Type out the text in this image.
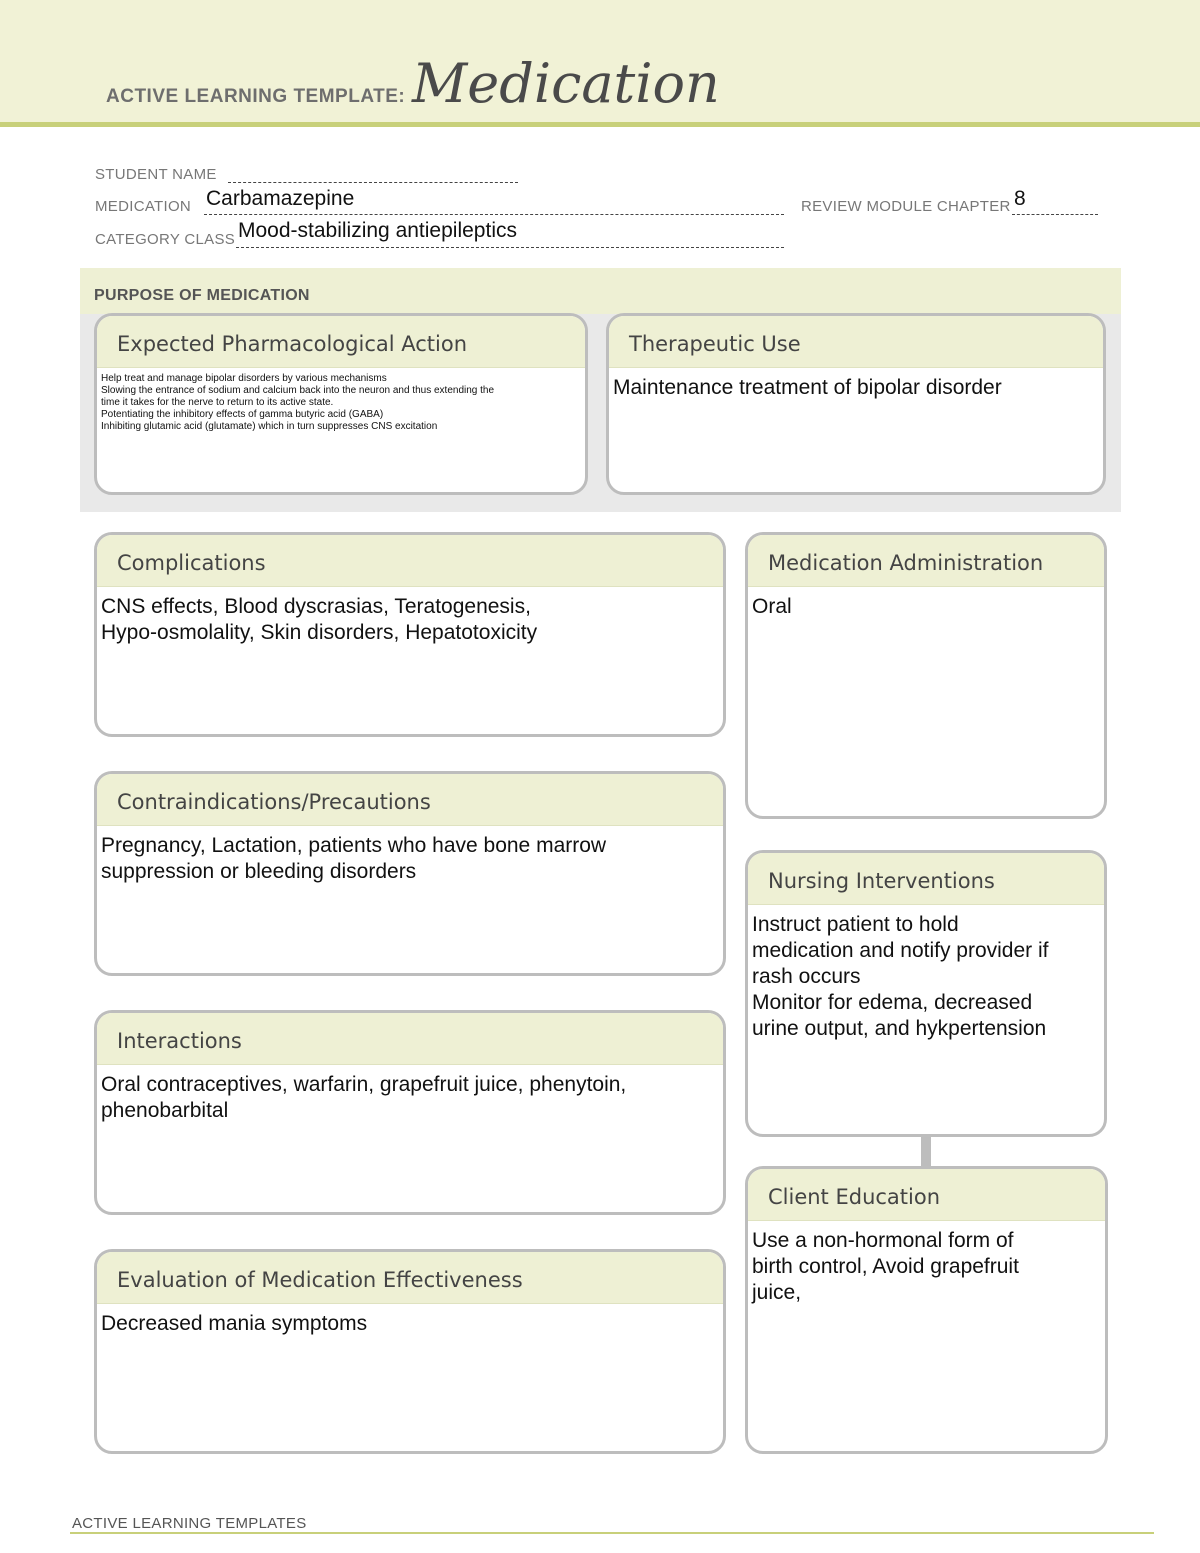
ACTIVE LEARNING TEMPLATE: Medication
STUDENT NAME
MEDICATION Carbamazepine	REVIEW MODULE CHAPTER 8
CATEGORY CLASS Mood-stabilizing antiepileptics
PURPOSE OF MEDICATION
Expected Pharmacological Action
Help treat and manage bipolar disorders by various mechanisms
Slowing the entrance of sodium and calcium back into the neuron and thus extending the
time it takes for the nerve to return to its active state.
Potentiating the inhibitory effects of gamma butyric acid (GABA)
Inhibiting glutamic acid (glutamate) which in turn suppresses CNS excitation
Therapeutic Use
Maintenance treatment of bipolar disorder
Complications
CNS effects, Blood dyscrasias, Teratogenesis,
Hypo-osmolality, Skin disorders, Hepatotoxicity
Contraindications/Precautions
Pregnancy, Lactation, patients who have bone marrow
suppression or bleeding disorders
Interactions
Oral contraceptives, warfarin, grapefruit juice, phenytoin,
phenobarbital
Evaluation of Medication Effectiveness
Decreased mania symptoms
Medication Administration
Oral
Nursing Interventions
Instruct patient to hold
medication and notify provider if
rash occurs
Monitor for edema, decreased
urine output, and hykpertension
Client Education
Use a non-hormonal form of
birth control, Avoid grapefruit
juice,
ACTIVE LEARNING TEMPLATES
